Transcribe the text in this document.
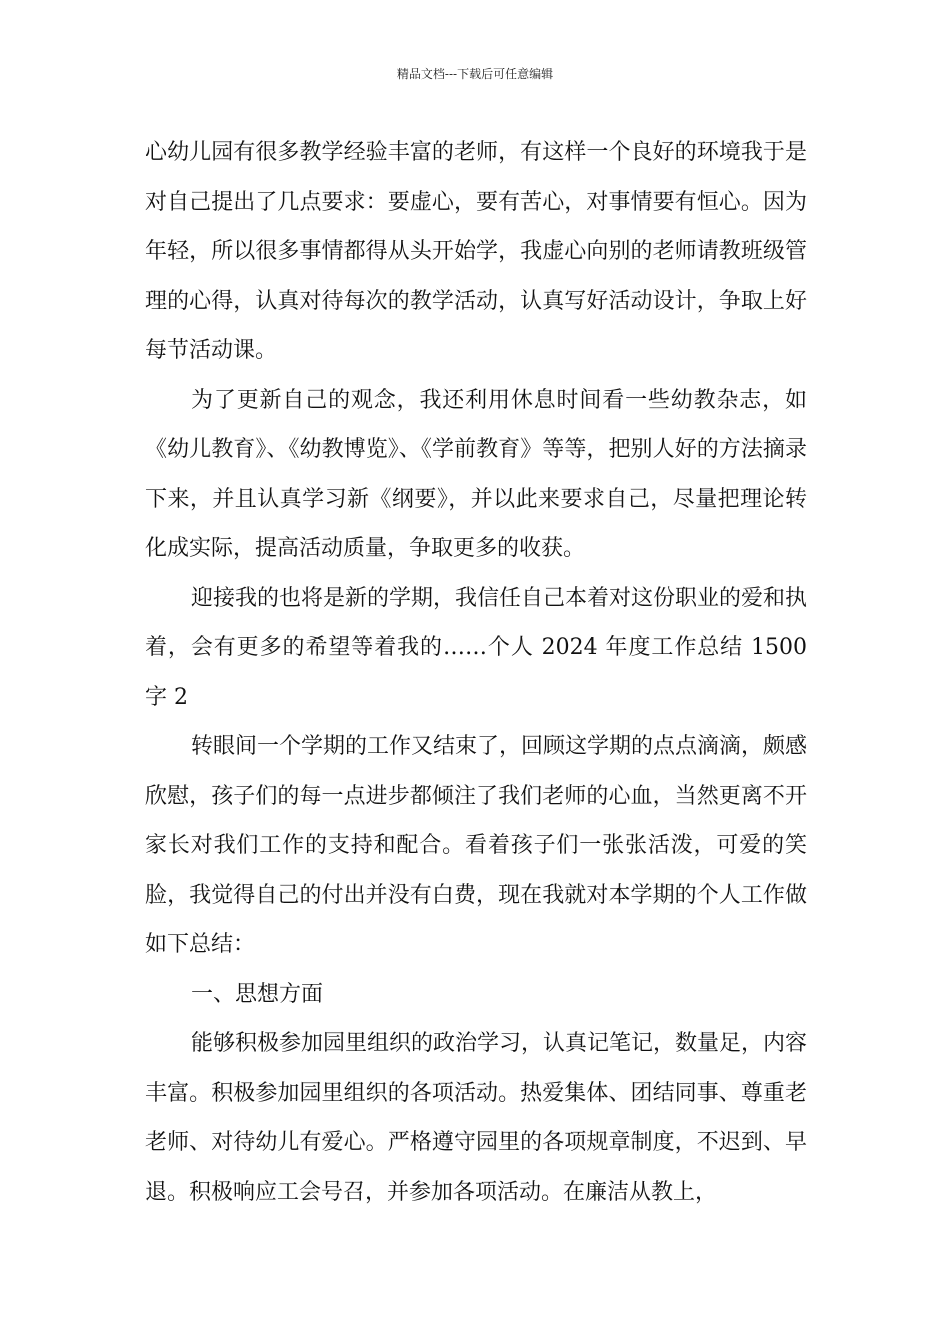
精品文档---下载后可任意编辑

心幼儿园有很多教学经验丰富的老师，有这样一个良好的环境我于是对自己提出了几点要求：要虚心，要有苦心，对事情要有恒心。因为年轻，所以很多事情都得从头开始学，我虚心向别的老师请教班级管理的心得，认真对待每次的教学活动，认真写好活动设计，争取上好每节活动课。

为了更新自己的观念，我还利用休息时间看一些幼教杂志，如《幼儿教育》、《幼教博览》、《学前教育》等等，把别人好的方法摘录下来，并且认真学习新《纲要》，并以此来要求自己，尽量把理论转化成实际，提高活动质量，争取更多的收获。

迎接我的也将是新的学期，我信任自己本着对这份职业的爱和执着，会有更多的希望等着我的……个人 2024 年度工作总结 1500 字 2

转眼间一个学期的工作又结束了，回顾这学期的点点滴滴，颇感欣慰，孩子们的每一点进步都倾注了我们老师的心血，当然更离不开家长对我们工作的支持和配合。看着孩子们一张张活泼，可爱的笑脸，我觉得自己的付出并没有白费，现在我就对本学期的个人工作做如下总结：

一、思想方面

能够积极参加园里组织的政治学习，认真记笔记，数量足，内容丰富。积极参加园里组织的各项活动。热爱集体、团结同事、尊重老老师、对待幼儿有爱心。严格遵守园里的各项规章制度，不迟到、早退。积极响应工会号召，并参加各项活动。在廉洁从教上，
